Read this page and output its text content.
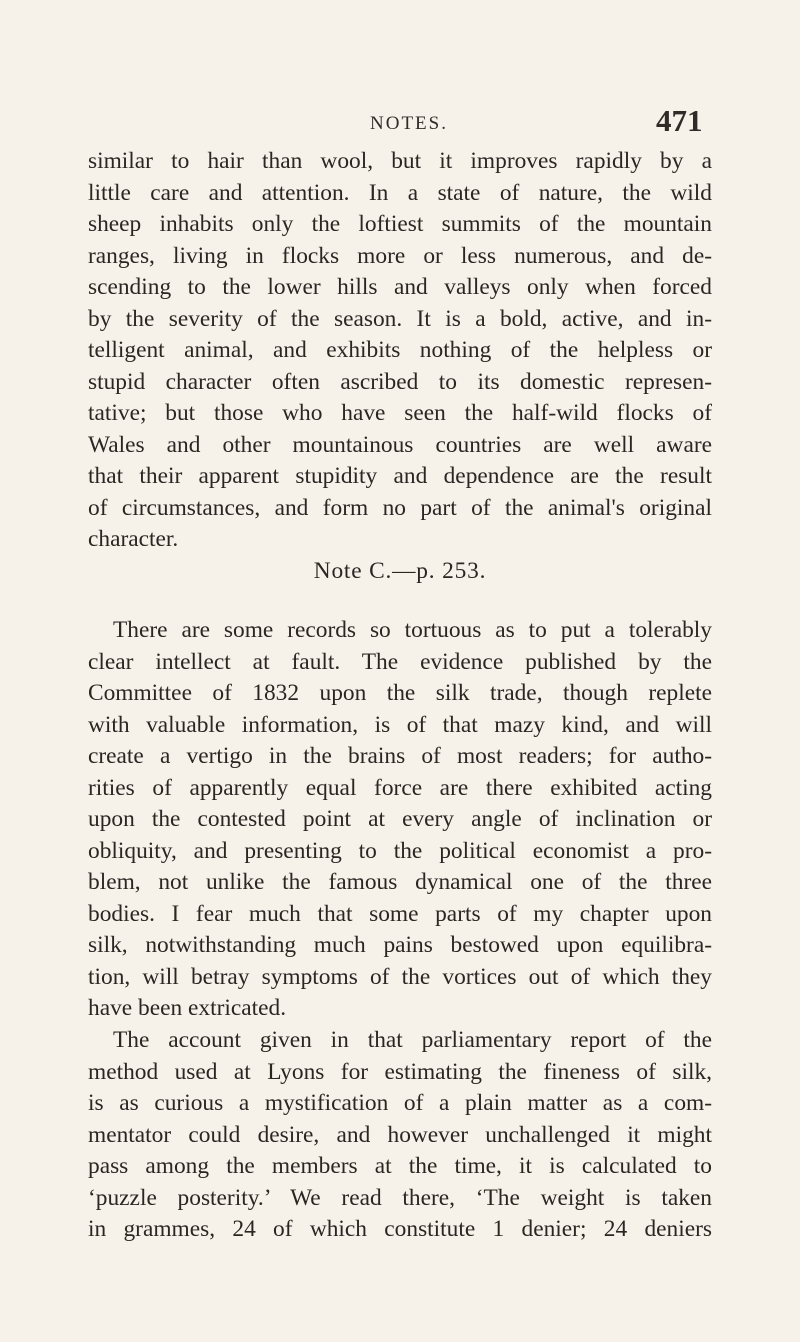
NOTES.	471
similar to hair than wool, but it improves rapidly by a
little care and attention. In a state of nature, the wild
sheep inhabits only the loftiest summits of the mountain
ranges, living in flocks more or less numerous, and de-
scending to the lower hills and valleys only when forced
by the severity of the season. It is a bold, active, and in-
telligent animal, and exhibits nothing of the helpless or
stupid character often ascribed to its domestic represen-
tative; but those who have seen the half-wild flocks of
Wales and other mountainous countries are well aware
that their apparent stupidity and dependence are the result
of circumstances, and form no part of the animal's original
character.
Note C.—p. 253.
There are some records so tortuous as to put a tolerably
clear intellect at fault. The evidence published by the
Committee of 1832 upon the silk trade, though replete
with valuable information, is of that mazy kind, and will
create a vertigo in the brains of most readers; for autho-
rities of apparently equal force are there exhibited acting
upon the contested point at every angle of inclination or
obliquity, and presenting to the political economist a pro-
blem, not unlike the famous dynamical one of the three
bodies. I fear much that some parts of my chapter upon
silk, notwithstanding much pains bestowed upon equilibra-
tion, will betray symptoms of the vortices out of which they
have been extricated.
The account given in that parliamentary report of the
method used at Lyons for estimating the fineness of silk,
is as curious a mystification of a plain matter as a com-
mentator could desire, and however unchallenged it might
pass among the members at the time, it is calculated to
‘puzzle posterity.’ We read there, ‘The weight is taken
in grammes, 24 of which constitute 1 denier; 24 deniers
